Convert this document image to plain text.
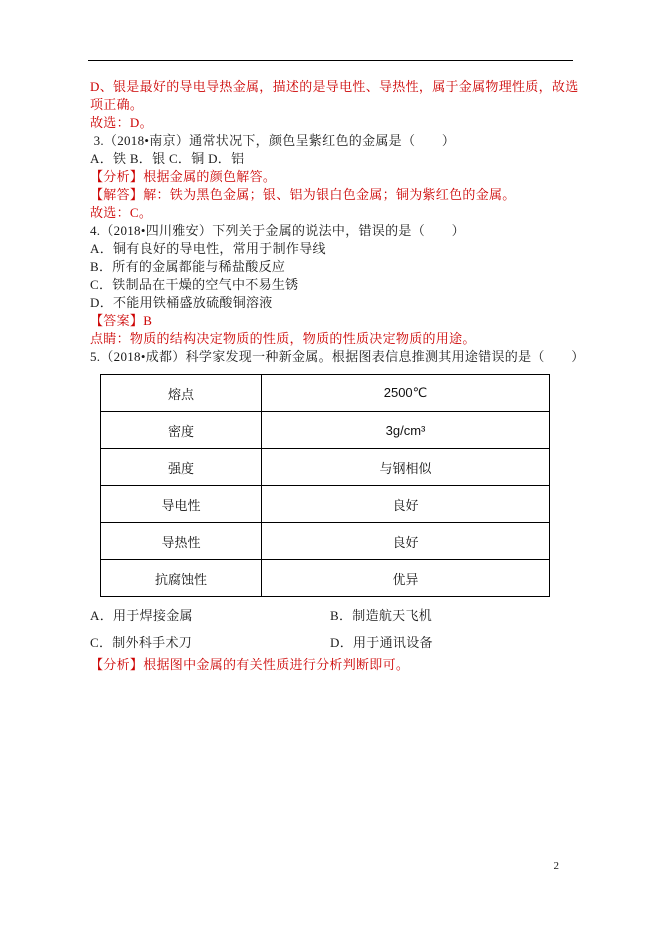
D、银是最好的导电导热金属，描述的是导电性、导热性，属于金属物理性质，故选项正确。

故选：D。

3.（2018•南京）通常状况下，颜色呈紫红色的金属是（　　）

A．铁 B．银 C．铜 D．铝

【分析】根据金属的颜色解答。

【解答】解：铁为黑色金属；银、铝为银白色金属；铜为紫红色的金属。

故选：C。

4.（2018•四川雅安）下列关于金属的说法中，错误的是（　　）

A．铜有良好的导电性，常用于制作导线

B．所有的金属都能与稀盐酸反应

C．铁制品在干燥的空气中不易生锈

D．不能用铁桶盛放硫酸铜溶液

【答案】B

点睛：物质的结构决定物质的性质，物质的性质决定物质的用途。

5.（2018•成都）科学家发现一种新金属。根据图表信息推测其用途错误的是（　　）

熔点	2500℃
密度	3g/cm³
强度	与钢相似
导电性	良好
导热性	良好
抗腐蚀性	优异
A．用于焊接金属	B．制造航天飞机
C．制外科手术刀	D．用于通讯设备

【分析】根据图中金属的有关性质进行分析判断即可。

2
